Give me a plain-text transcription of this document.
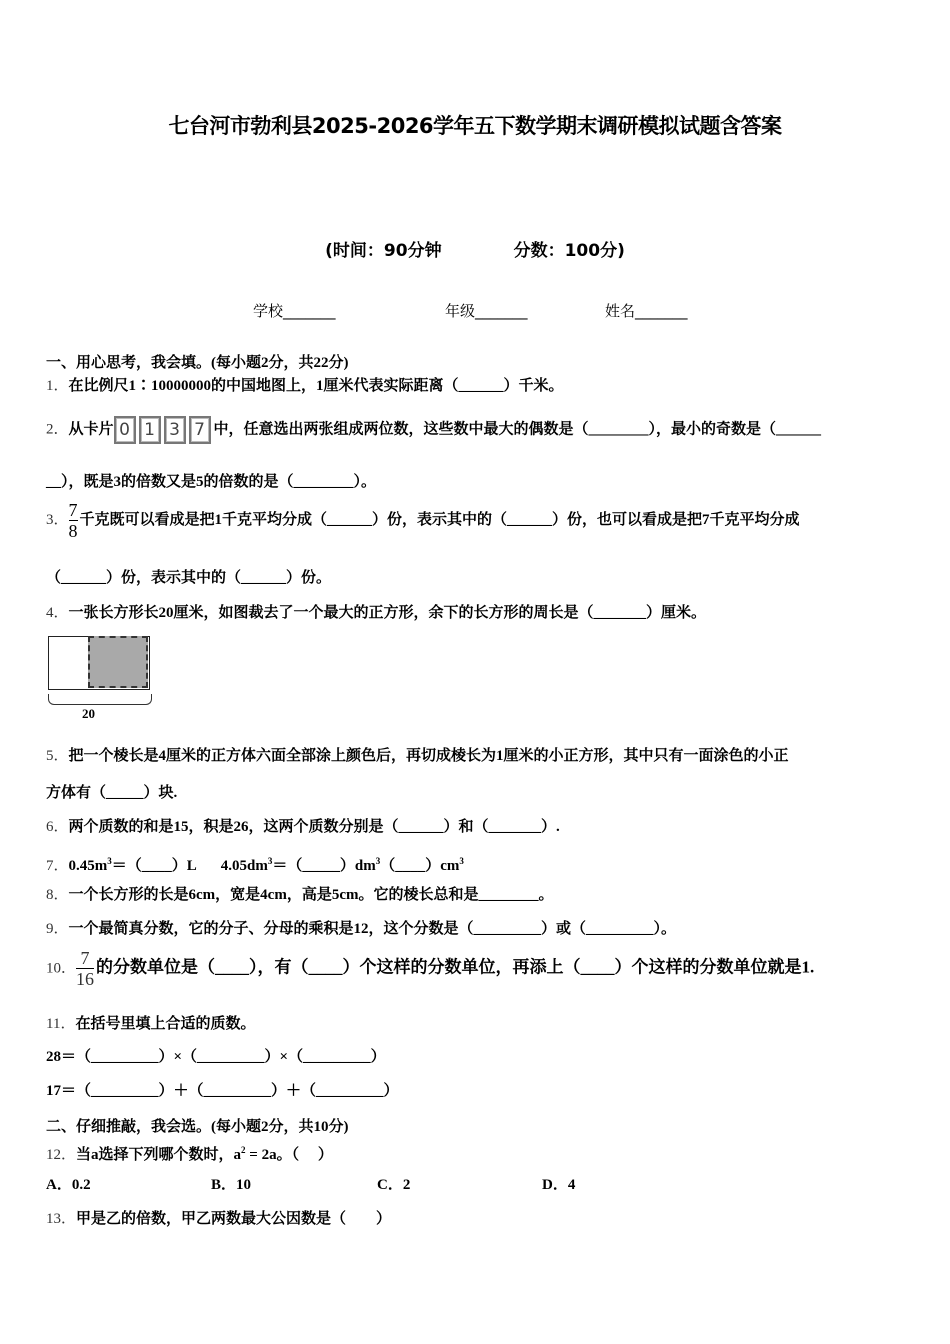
七台河市勃利县2025-2026学年五下数学期末调研模拟试题含答案
(时间：90分钟	分数：100分)
学校_______	年级_______	姓名_______
一、用心思考，我会填。(每小题2分，共22分)
1．在比例尺1∶10000000的中国地图上，1厘米代表实际距离（______）千米。
2．从卡片 0 1 3 7 中，任意选出两张组成两位数，这些数中最大的偶数是（________），最小的奇数是（______
__），既是3的倍数又是5的倍数的是（________）。
3． $\frac{7}{8}$ 千克既可以看成是把1千克平均分成（______）份，表示其中的（______）份，也可以看成是把7千克平均分成
（______）份，表示其中的（______）份。
4．一张长方形长20厘米，如图裁去了一个最大的正方形，余下的长方形的周长是（_______）厘米。
20
5．把一个棱长是4厘米的正方体六面全部涂上颜色后，再切成棱长为1厘米的小正方形，其中只有一面涂色的小正
方体有（_____）块.
6．两个质数的和是15，积是26，这两个质数分别是（______）和（_______）.
7．$0.45m^3=(\_\_\_\_)L$ $4.05dm^3=(\_\_\_\_\_)dm^3(\_\_\_\_)cm^3$
8．一个长方形的长是6cm，宽是4cm，高是5cm。它的棱长总和是________。
9．一个最简真分数，它的分子、分母的乘积是12，这个分数是（_________）或（_________）。
10． $\frac{7}{16}$ 的分数单位是（____），有（____）个这样的分数单位，再添上（____）个这样的分数单位就是1.
11．在括号里填上合适的质数。
28＝（_________）×（_________）×（_________）
17＝（_________）＋（_________）＋（_________）
二、仔细推敲，我会选。(每小题2分，共10分)
12．当a选择下列哪个数时，$a^2 = 2a$。（　 ）
A．0.2	B．10	C．2	D．4
13．甲是乙的倍数，甲乙两数最大公因数是（　　）
